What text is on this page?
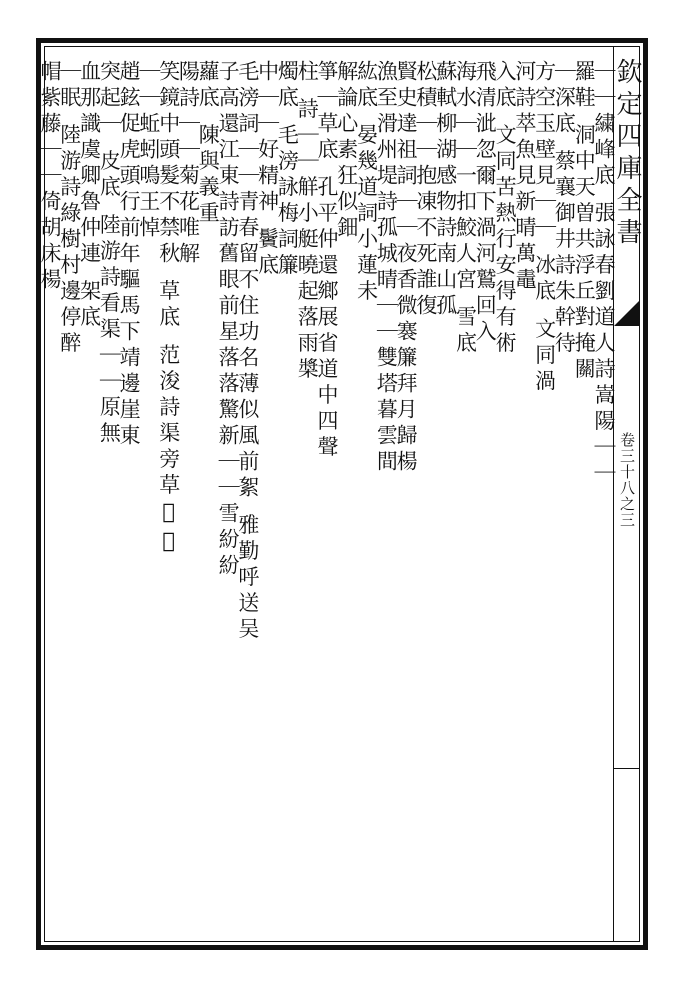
欽定四庫全書
卷三十八之三
｜｜繍峰底 張詠春劉道人詩嵩陽｜｜
羅鞋 洞中天曽共浮丘對掩關
｜深底 蔡襄御井詩朱幹待
方空玉壁見｜｜ 冰底 文同渦
河詩萃魚見新晴萬鼃
入底 文同苦熱行安得有術
飛清泚忽爾下渦河鷲回入
海水｜｜一扣鮫人宮 雪底
蘇軾柳湖感物詩南山孤
松積｜｜抱凍不死誰復
賢史達祖詞｜｜夜香微褰簾拜月歸楊
漁至滑州堤詩孤城晴｜｜雙塔暮雲間
紘底 晏幾道詞小蓮未
解論心素狂似鈿
箏｜草底 孔平仲還鄉展省道中四聲
柱 詩｜｜觧小艇曉起落雨槳
燭底 毛滂詠梅詞簾
中｜｜好精神 鬢底
毛滂詞｜｜青春留不住功名薄似風前絮 雅勤呼送吴
子高還江東詩訪舊眼前星落落驚新｜｜雪紛紛
蘿底 陳與義重
陽詩｜｜菊花唯解
笑鏡中頭髮不禁秋 草底 范浚詩渠旁草𧆍𧆍
｜｜蚯蚓鳴王悼
趙鉉促虎頭行前年驅馬下靖邊崖東
突起｜ 皮底 陸游詩看渠｜｜原無
血那識虞卿魯仲連 架底
｜眠 陸游詩綠樹村邊停醉
帽紫藤｜｜倚胡床楊
